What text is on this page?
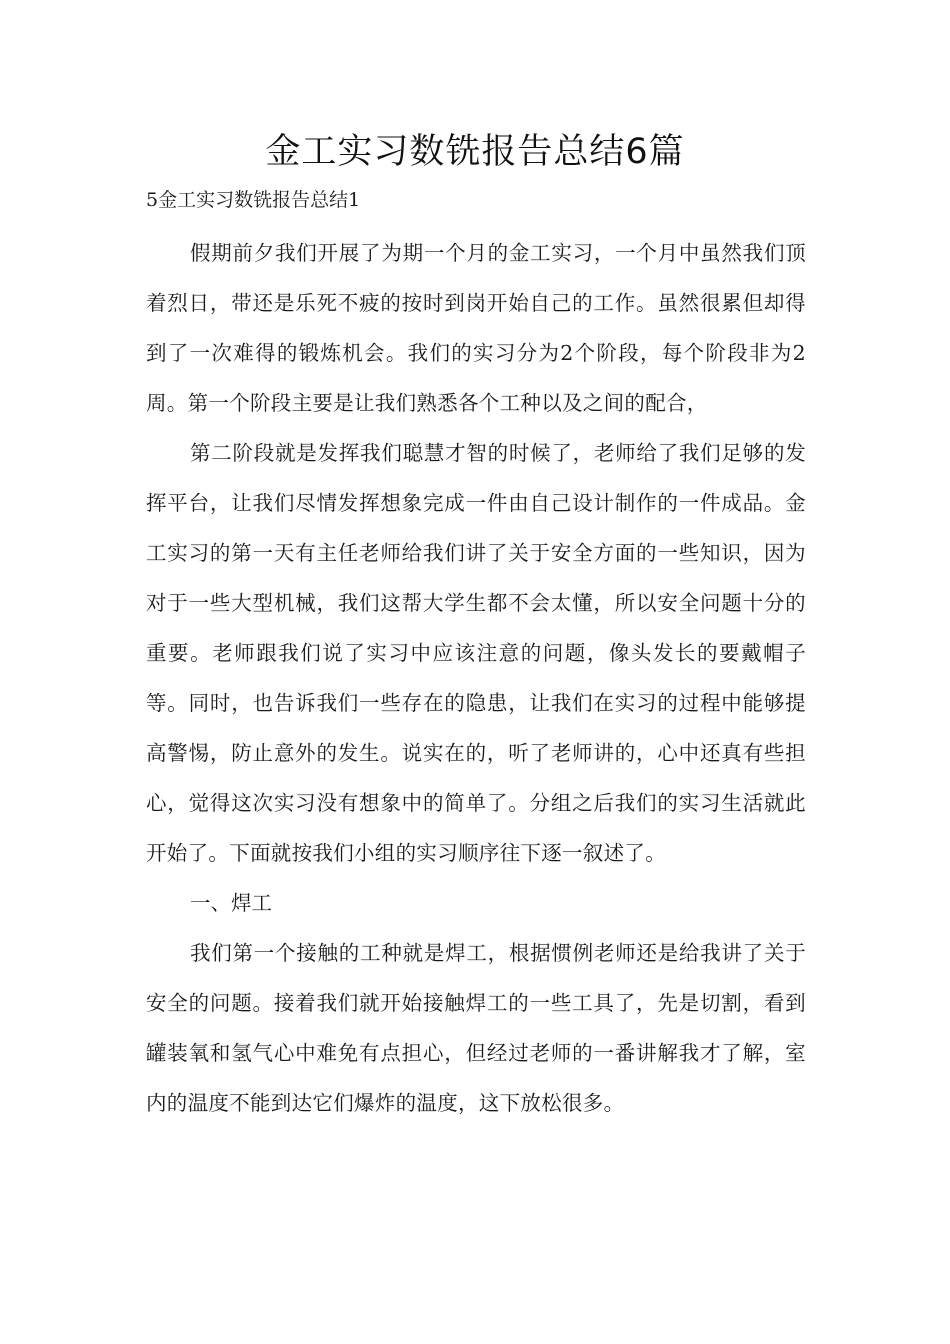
金工实习数铣报告总结6篇

5金工实习数铣报告总结1

假期前夕我们开展了为期一个月的金工实习，一个月中虽然我们顶着烈日，带还是乐死不疲的按时到岗开始自己的工作。虽然很累但却得到了一次难得的锻炼机会。我们的实习分为2个阶段，每个阶段非为2周。第一个阶段主要是让我们熟悉各个工种以及之间的配合，

第二阶段就是发挥我们聪慧才智的时候了，老师给了我们足够的发挥平台，让我们尽情发挥想象完成一件由自己设计制作的一件成品。金工实习的第一天有主任老师给我们讲了关于安全方面的一些知识，因为对于一些大型机械，我们这帮大学生都不会太懂，所以安全问题十分的重要。老师跟我们说了实习中应该注意的问题，像头发长的要戴帽子等。同时，也告诉我们一些存在的隐患，让我们在实习的过程中能够提高警惕，防止意外的发生。说实在的，听了老师讲的，心中还真有些担心，觉得这次实习没有想象中的简单了。分组之后我们的实习生活就此开始了。下面就按我们小组的实习顺序往下逐一叙述了。

一、焊工

我们第一个接触的工种就是焊工，根据惯例老师还是给我讲了关于安全的问题。接着我们就开始接触焊工的一些工具了，先是切割，看到罐装氧和氢气心中难免有点担心，但经过老师的一番讲解我才了解，室内的温度不能到达它们爆炸的温度，这下放松很多。
